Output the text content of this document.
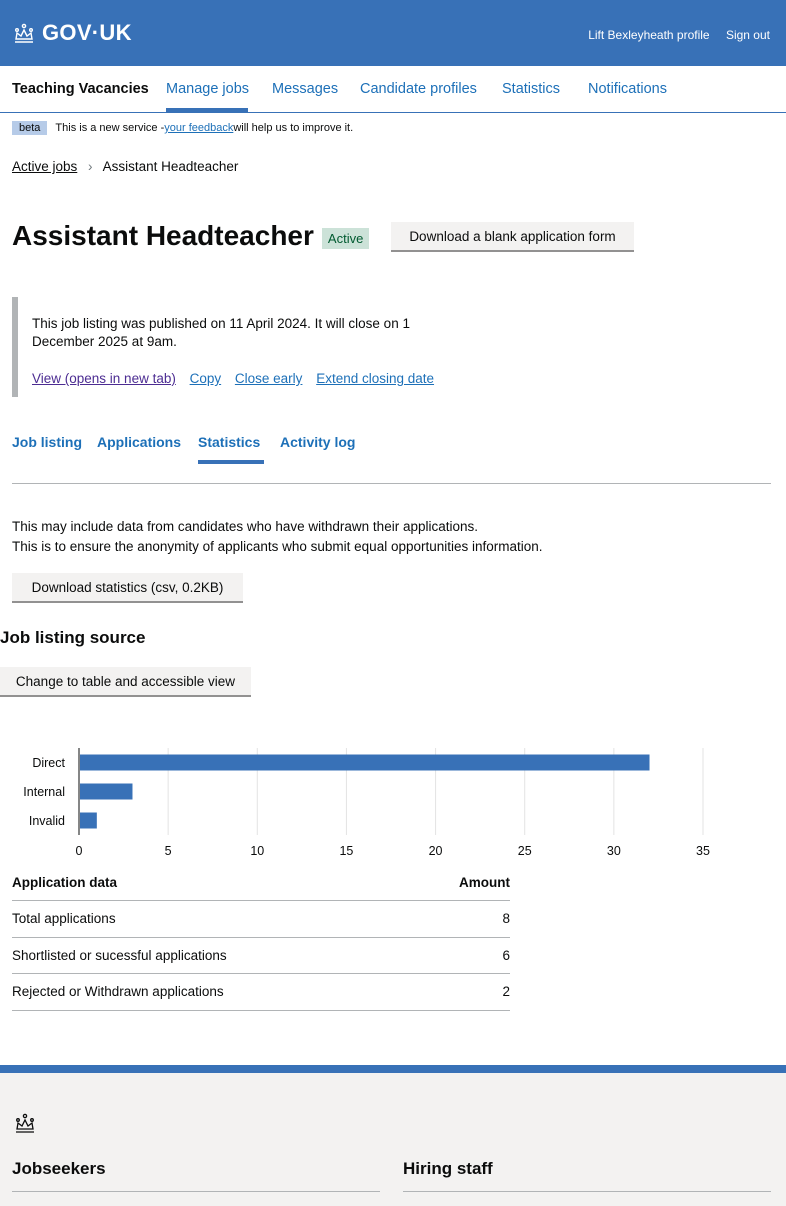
GOV·UK	Lift Bexleyheath profile Sign out
Teaching Vacancies Manage jobs Messages Candidate profiles Statistics Notifications
beta	This is a new service - your feedback will help us to improve it.
Active jobs › Assistant Headteacher
Assistant Headteacher	Active	Download a blank application form

This job listing was published on 11 April 2024. It will close on 1 December 2025 at 9am.

View (opens in new tab) Copy Close early Extend closing date
Job listing Applications Statistics Activity log
This may include data from candidates who have withdrawn their applications.
This is to ensure the anonymity of applicants who submit equal opportunities information.
Download statistics (csv, 0.2KB)
Job listing source
Change to table and accessible view
Direct
Internal
Invalid
0	5	10	15	20	25	30	35
Application data	Amount
Total applications	8
Shortlisted or sucessful applications	6
Rejected or Withdrawn applications	2
Jobseekers	Hiring staff
